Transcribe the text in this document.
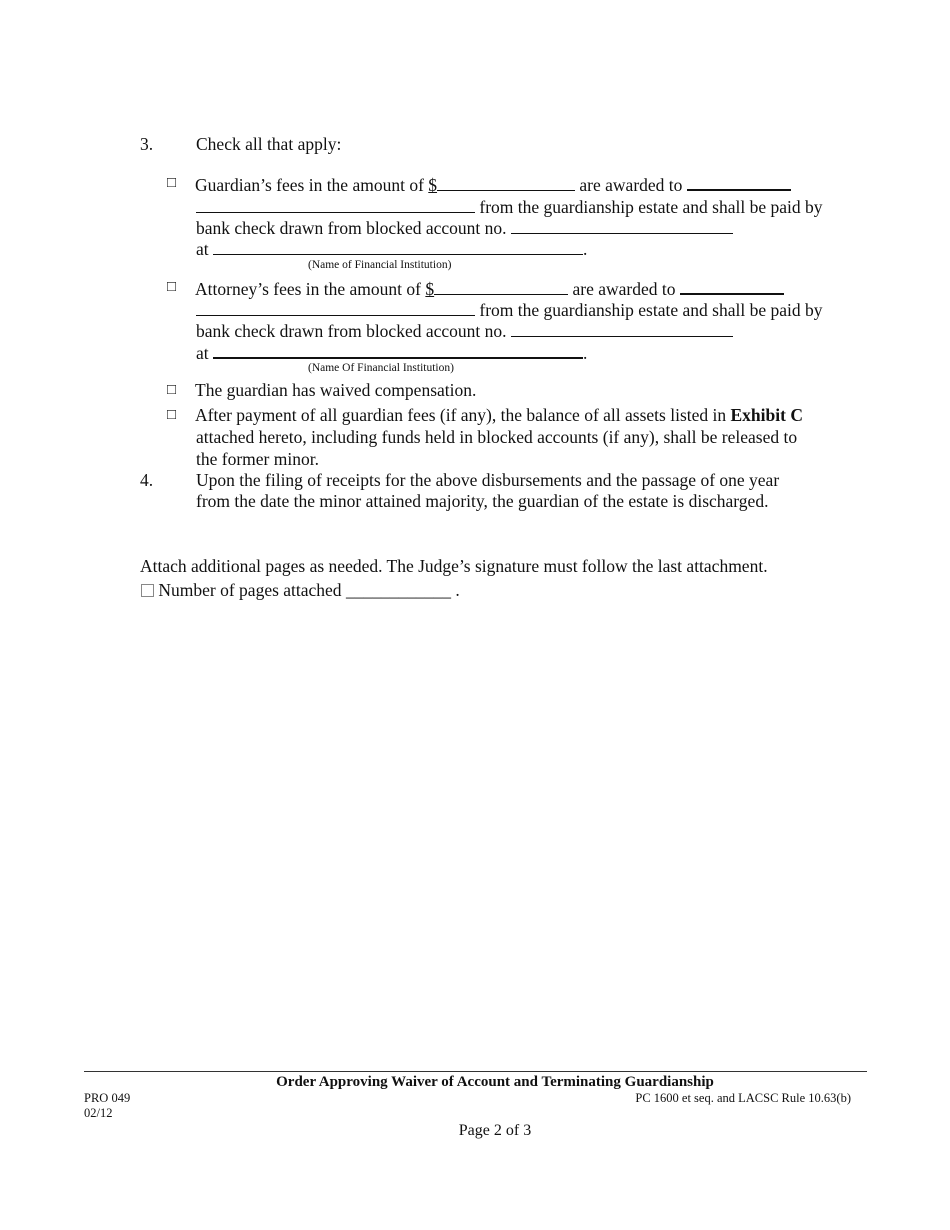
3. Check all that apply:
□ Guardian’s fees in the amount of $	are awarded to
from the guardianship estate and shall be paid by
bank check drawn from blocked account no.
at	.
(Name of Financial Institution)
□ Attorney’s fees in the amount of $	are awarded to
from the guardianship estate and shall be paid by
bank check drawn from blocked account no.
at	.
(Name Of Financial Institution)
□ The guardian has waived compensation.
□ After payment of all guardian fees (if any), the balance of all assets listed in Exhibit C
attached hereto, including funds held in blocked accounts (if any), shall be released to
the former minor.
4. Upon the filing of receipts for the above disbursements and the passage of one year
from the date the minor attained majority, the guardian of the estate is discharged.
Attach additional pages as needed. The Judge’s signature must follow the last attachment.
Number of pages attached ____________ .
Order Approving Waiver of Account and Terminating Guardianship
PRO 049
02/12
PC 1600 et seq. and LACSC Rule 10.63(b)
Page 2 of 3
